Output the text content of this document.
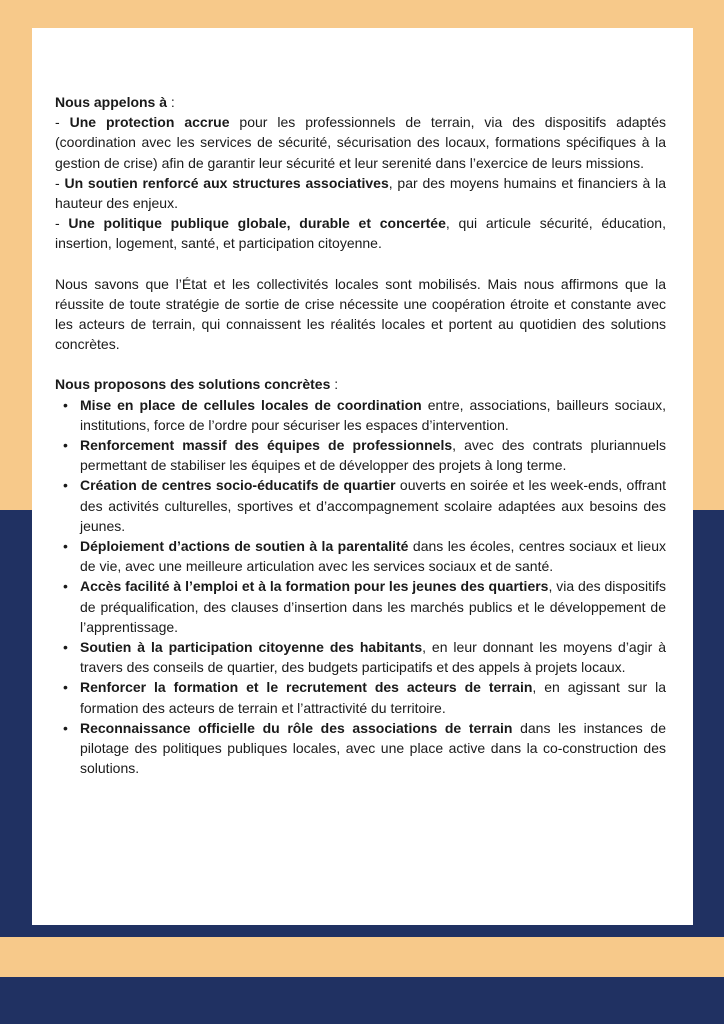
Nous appelons à :

- Une protection accrue pour les professionnels de terrain, via des dispositifs adaptés (coordination avec les services de sécurité, sécurisation des locaux, formations spécifiques à la gestion de crise) afin de garantir leur sécurité et leur serenité dans l’exercice de leurs missions.

- Un soutien renforcé aux structures associatives, par des moyens humains et financiers à la hauteur des enjeux.

- Une politique publique globale, durable et concertée, qui articule sécurité, éducation, insertion, logement, santé, et participation citoyenne.

Nous savons que l’État et les collectivités locales sont mobilisés. Mais nous affirmons que la réussite de toute stratégie de sortie de crise nécessite une coopération étroite et constante avec les acteurs de terrain, qui connaissent les réalités locales et portent au quotidien des solutions concrètes.

Nous proposons des solutions concrètes :

• Mise en place de cellules locales de coordination entre, associations, bailleurs sociaux, institutions, force de l’ordre pour sécuriser les espaces d’intervention.
• Renforcement massif des équipes de professionnels, avec des contrats pluriannuels permettant de stabiliser les équipes et de développer des projets à long terme.
• Création de centres socio-éducatifs de quartier ouverts en soirée et les week-ends, offrant des activités culturelles, sportives et d’accompagnement scolaire adaptées aux besoins des jeunes.
• Déploiement d’actions de soutien à la parentalité dans les écoles, centres sociaux et lieux de vie, avec une meilleure articulation avec les services sociaux et de santé.
• Accès facilité à l’emploi et à la formation pour les jeunes des quartiers, via des dispositifs de préqualification, des clauses d’insertion dans les marchés publics et le développement de l’apprentissage.
• Soutien à la participation citoyenne des habitants, en leur donnant les moyens d’agir à travers des conseils de quartier, des budgets participatifs et des appels à projets locaux.
• Renforcer la formation et le recrutement des acteurs de terrain, en agissant sur la formation des acteurs de terrain et l’attractivité du territoire.
• Reconnaissance officielle du rôle des associations de terrain dans les instances de pilotage des politiques publiques locales, avec une place active dans la co-construction des solutions.
